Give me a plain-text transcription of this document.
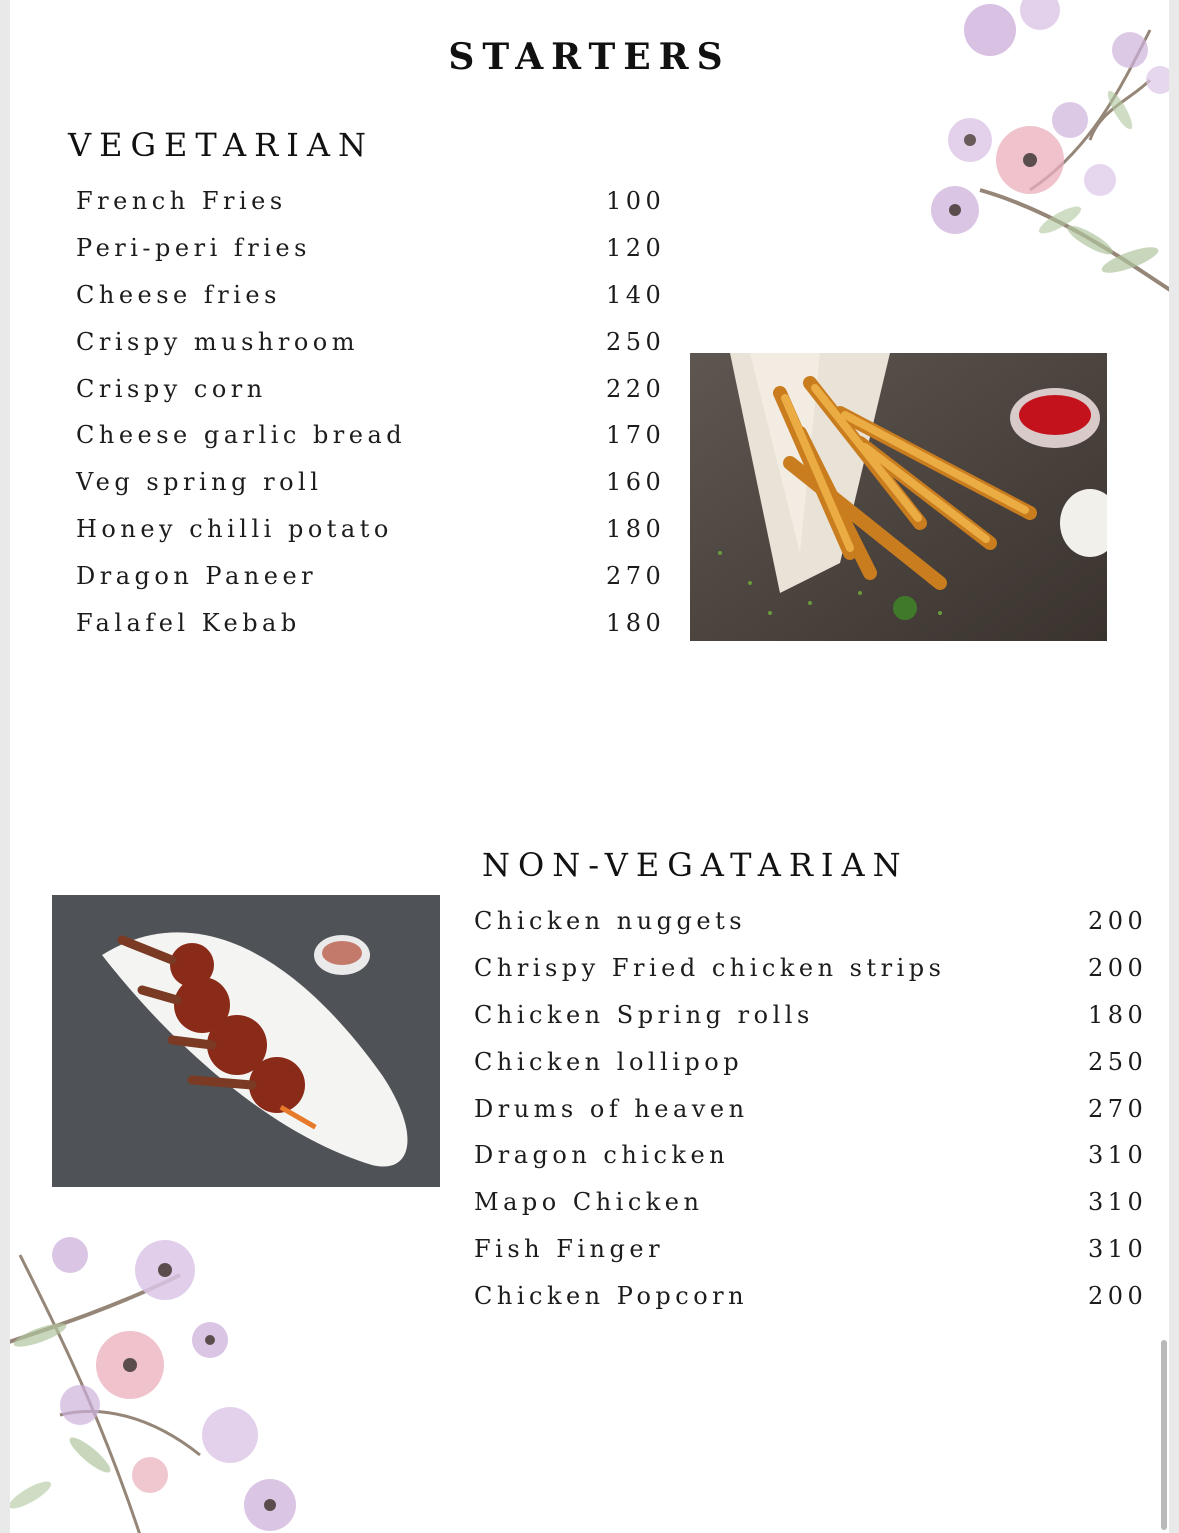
STARTERS
VEGETARIAN
French Fries	100
Peri-peri fries	120
Cheese fries	140
Crispy mushroom	250
Crispy corn	220
Cheese garlic bread	170
Veg spring roll	160
Honey chilli potato	180
Dragon Paneer	270
Falafel Kebab	180
NON-VEGATARIAN
Chicken nuggets	200
Chrispy Fried chicken strips	200
Chicken Spring rolls	180
Chicken lollipop	250
Drums of heaven	270
Dragon chicken	310
Mapo Chicken	310
Fish Finger	310
Chicken Popcorn	200
